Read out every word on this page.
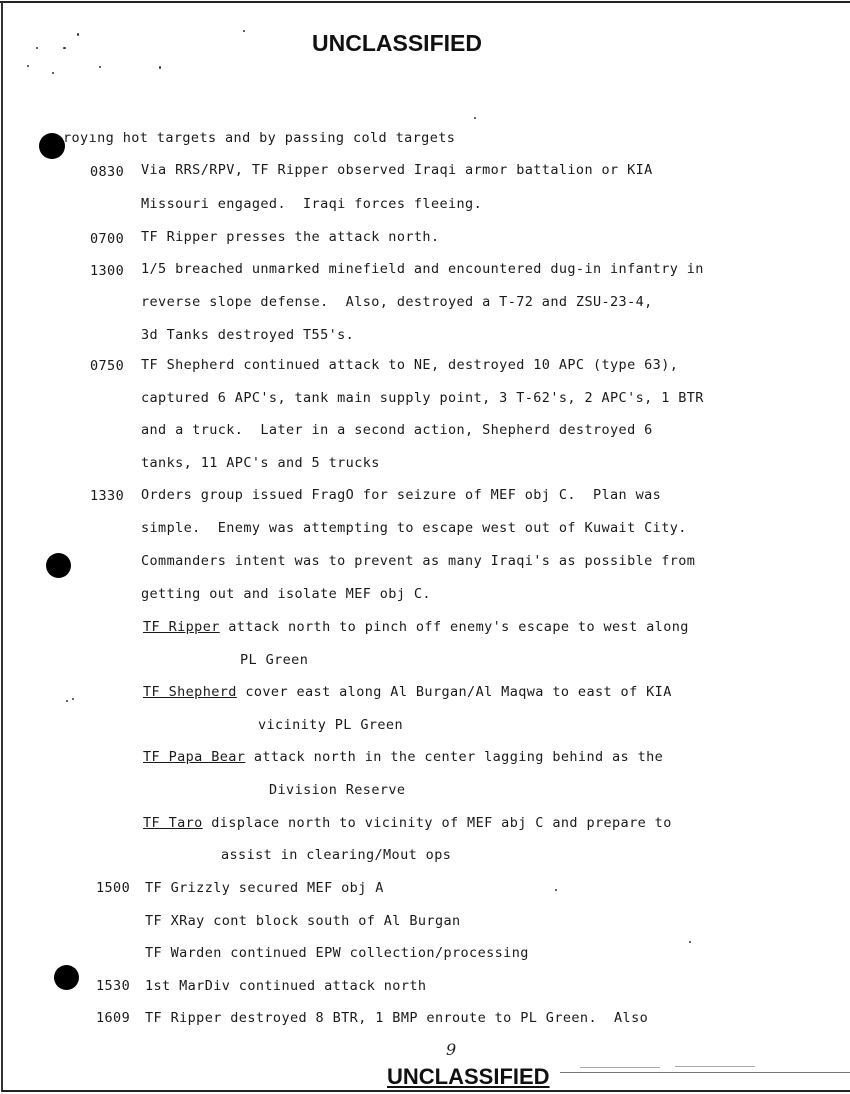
UNCLASSIFIED
royıng hot targets and by passing cold targets
0830 Via RRS/RPV, TF Ripper observed Iraqi armor battalion or KIA
Missouri engaged.  Iraqi forces fleeing.
0700 TF Ripper presses the attack north.
1300 1/5 breached unmarked minefield and encountered dug-in infantry in
reverse slope defense.  Also, destroyed a T-72 and ZSU-23-4,
3d Tanks destroyed T55's.
0750 TF Shepherd continued attack to NE, destroyed 10 APC (type 63),
captured 6 APC's, tank main supply point, 3 T-62's, 2 APC's, 1 BTR
and a truck.  Later in a second action, Shepherd destroyed 6
tanks, 11 APC's and 5 trucks
1330 Orders group issued FragO for seizure of MEF obj C.  Plan was
simple.  Enemy was attempting to escape west out of Kuwait City.
Commanders intent was to prevent as many Iraqi's as possible from
getting out and isolate MEF obj C.
TF Ripper attack north to pinch off enemy's escape to west along
PL Green
TF Shepherd cover east along Al Burgan/Al Maqwa to east of KIA
vicinity PL Green
TF Papa Bear attack north in the center lagging behind as the
Division Reserve
TF Taro displace north to vicinity of MEF abj C and prepare to
assist in clearing/Mout ops
1500 TF Grizzly secured MEF obj A
TF XRay cont block south of Al Burgan
TF Warden continued EPW collection/processing
1530 1st MarDiv continued attack north
1609 TF Ripper destroyed 8 BTR, 1 BMP enroute to PL Green.  Also
9
UNCLASSIFIED
